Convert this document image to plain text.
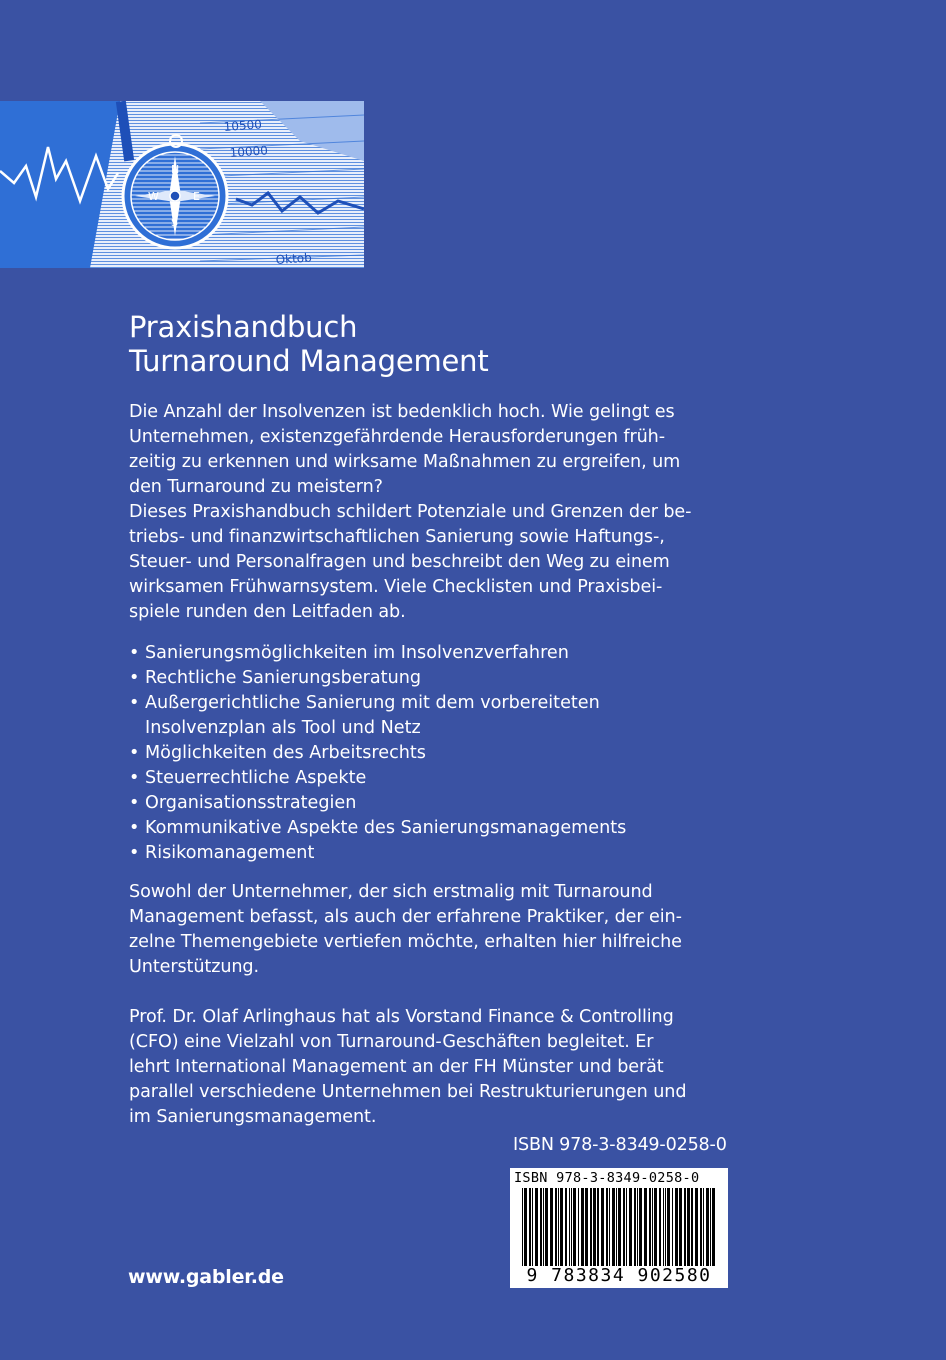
N
E
W
S
10500
10000
Oktob
Praxishandbuch
Turnaround Management

Die Anzahl der Insolvenzen ist bedenklich hoch. Wie gelingt es
Unternehmen, existenzgefährdende Herausforderungen früh-
zeitig zu erkennen und wirksame Maßnahmen zu ergreifen, um
den Turnaround zu meistern?
Dieses Praxishandbuch schildert Potenziale und Grenzen der be-
triebs- und finanzwirtschaftlichen Sanierung sowie Haftungs-,
Steuer- und Personalfragen und beschreibt den Weg zu einem
wirksamen Frühwarnsystem. Viele Checklisten und Praxisbei-
spiele runden den Leitfaden ab.

• Sanierungsmöglichkeiten im Insolvenzverfahren
• Rechtliche Sanierungsberatung
• Außergerichtliche Sanierung mit dem vorbereiteten Insolvenzplan als Tool und Netz
• Möglichkeiten des Arbeitsrechts
• Steuerrechtliche Aspekte
• Organisationsstrategien
• Kommunikative Aspekte des Sanierungsmanagements
• Risikomanagement

Sowohl der Unternehmer, der sich erstmalig mit Turnaround
Management befasst, als auch der erfahrene Praktiker, der ein-
zelne Themengebiete vertiefen möchte, erhalten hier hilfreiche
Unterstützung.

Prof. Dr. Olaf Arlinghaus hat als Vorstand Finance & Controlling
(CFO) eine Vielzahl von Turnaround-Geschäften begleitet. Er
lehrt International Management an der FH Münster und berät
parallel verschiedene Unternehmen bei Restrukturierungen und
im Sanierungsmanagement.

ISBN 978-3-8349-0258-0
ISBN 978-3-8349-0258-0
9 783834 902580
www.gabler.de
